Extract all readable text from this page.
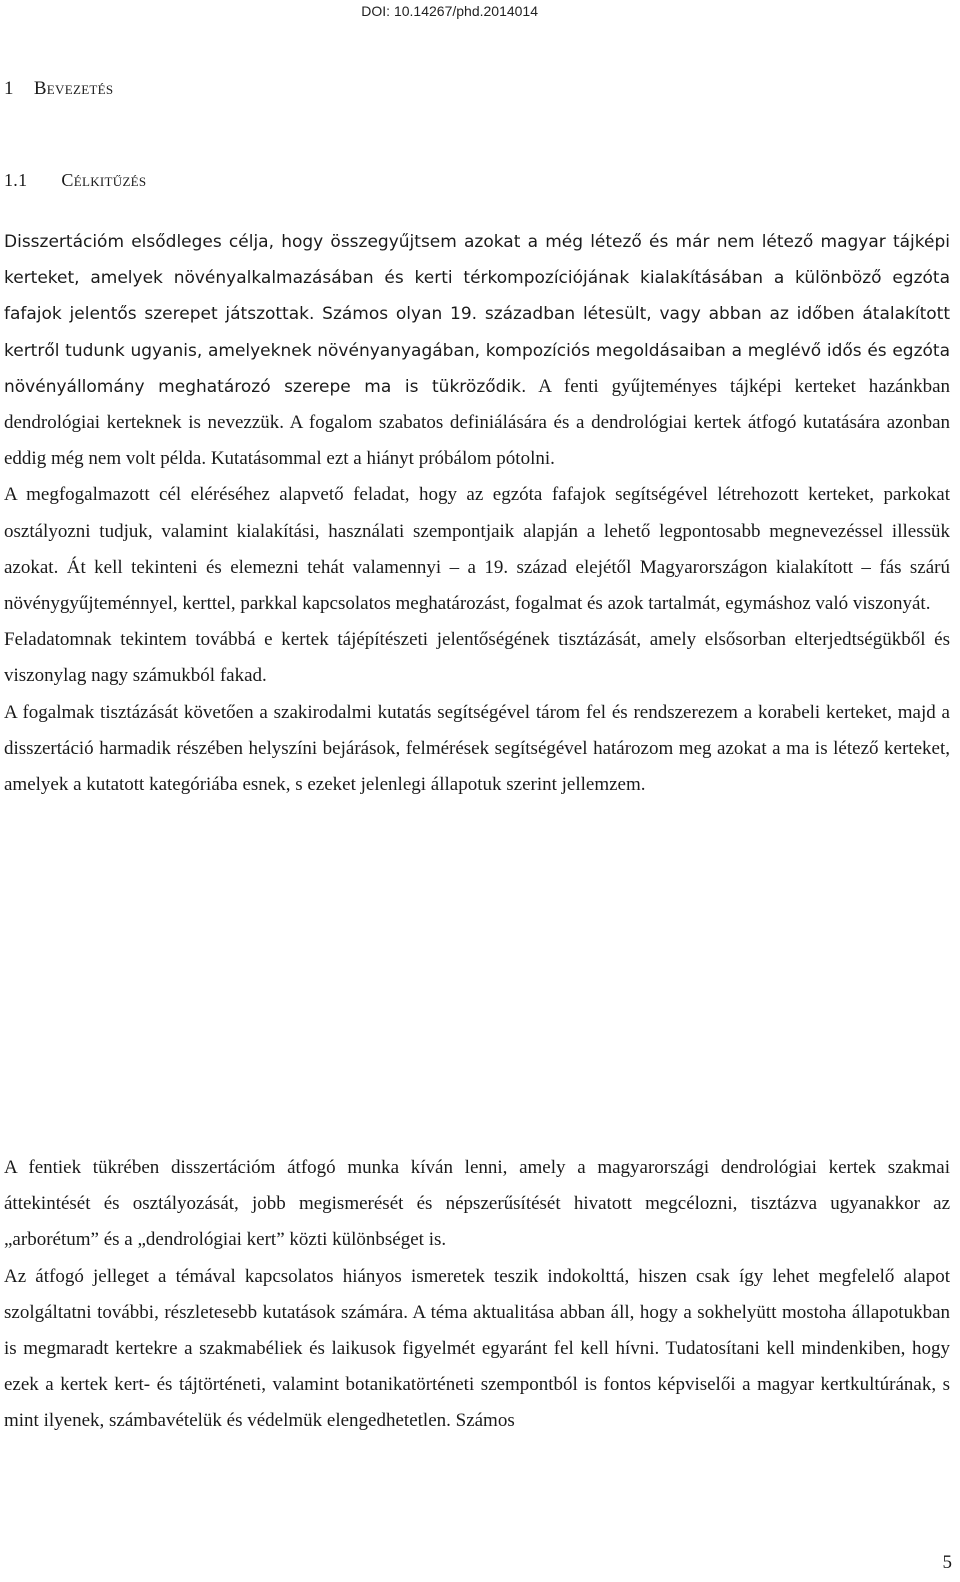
DOI: 10.14267/phd.2014014
1 Bevezetés
1.1 Célkitűzés

Disszertációm elsődleges célja, hogy összegyűjtsem azokat a még létező és már nem létező magyar tájképi kerteket, amelyek növényalkalmazásában és kerti térkompozíciójának kialakításában a különböző egzóta fafajok jelentős szerepet játszottak. Számos olyan 19. században létesült, vagy abban az időben átalakított kertről tudunk ugyanis, amelyeknek növényanyagában, kompozíciós megoldásaiban a meglévő idős és egzóta növényállomány meghatározó szerepe ma is tükröződik. A fenti gyűjteményes tájképi kerteket hazánkban dendrológiai kerteknek is nevezzük. A fogalom szabatos definiálására és a dendrológiai kertek átfogó kutatására azonban eddig még nem volt példa. Kutatásommal ezt a hiányt próbálom pótolni.

A megfogalmazott cél eléréséhez alapvető feladat, hogy az egzóta fafajok segítségével létrehozott kerteket, parkokat osztályozni tudjuk, valamint kialakítási, használati szempontjaik alapján a lehető legpontosabb megnevezéssel illessük azokat. Át kell tekinteni és elemezni tehát valamennyi – a 19. század elejétől Magyarországon kialakított – fás szárú növénygyűjteménnyel, kerttel, parkkal kapcsolatos meghatározást, fogalmat és azok tartalmát, egymáshoz való viszonyát.

Feladatomnak tekintem továbbá e kertek tájépítészeti jelentőségének tisztázását, amely elsősorban elterjedtségükből és viszonylag nagy számukból fakad.

A fogalmak tisztázását követően a szakirodalmi kutatás segítségével tárom fel és rendszerezem a korabeli kerteket, majd a disszertáció harmadik részében helyszíni bejárások, felmérések segítségével határozom meg azokat a ma is létező kerteket, amelyek a kutatott kategóriába esnek, s ezeket jelenlegi állapotuk szerint jellemzem.

A fentiek tükrében disszertációm átfogó munka kíván lenni, amely a magyarországi dendrológiai kertek szakmai áttekintését és osztályozását, jobb megismerését és népszerűsítését hivatott megcélozni, tisztázva ugyanakkor az „arborétum” és a „dendrológiai kert” közti különbséget is.

Az átfogó jelleget a témával kapcsolatos hiányos ismeretek teszik indokolttá, hiszen csak így lehet megfelelő alapot szolgáltatni további, részletesebb kutatások számára. A téma aktualitása abban áll, hogy a sokhelyütt mostoha állapotukban is megmaradt kertekre a szakmabéliek és laikusok figyelmét egyaránt fel kell hívni. Tudatosítani kell mindenkiben, hogy ezek a kertek kert- és tájtörténeti, valamint botanikatörténeti szempontból is fontos képviselői a magyar kertkultúrának, s mint ilyenek, számbavételük és védelmük elengedhetetlen. Számos

5
